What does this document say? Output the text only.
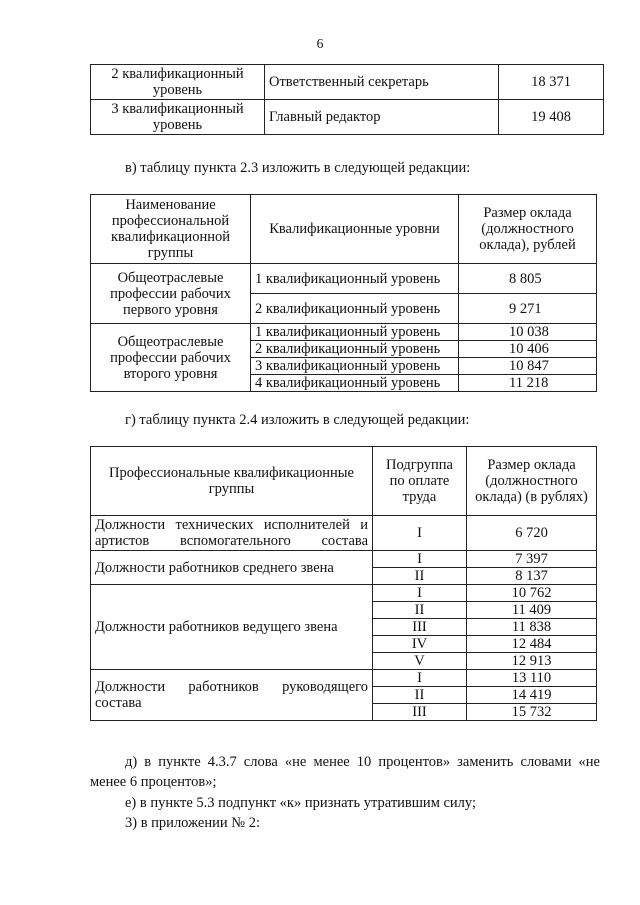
6
2 квалификационный уровень	Ответственный секретарь	18 371
3 квалификационный уровень	Главный редактор	19 408

в) таблицу пункта 2.3 изложить в следующей редакции:

Наименование профессиональной квалификационной группы	Квалификационные уровни	Размер оклада (должностного оклада), рублей
Общеотраслевые профессии рабочих первого уровня	1 квалификационный уровень	8 805
	2 квалификационный уровень	9 271
Общеотраслевые профессии рабочих второго уровня	1 квалификационный уровень	10 038
	2 квалификационный уровень	10 406
	3 квалификационный уровень	10 847
	4 квалификационный уровень	11 218

г) таблицу пункта 2.4 изложить в следующей редакции:

Профессиональные квалификационные группы	Подгруппа по оплате труда	Размер оклада (должностного оклада) (в рублях)
Должности технических исполнителей и артистов вспомогательного состава	I	6 720
Должности работников среднего звена	I	7 397
	II	8 137
Должности работников ведущего звена	I	10 762
	II	11 409
	III	11 838
	IV	12 484
	V	12 913
Должности работников руководящего состава	I	13 110
	II	14 419
	III	15 732

д) в пункте 4.3.7 слова «не менее 10 процентов» заменить словами «не менее 6 процентов»;

е) в пункте 5.3 подпункт «к» признать утратившим силу;

3) в приложении № 2:
